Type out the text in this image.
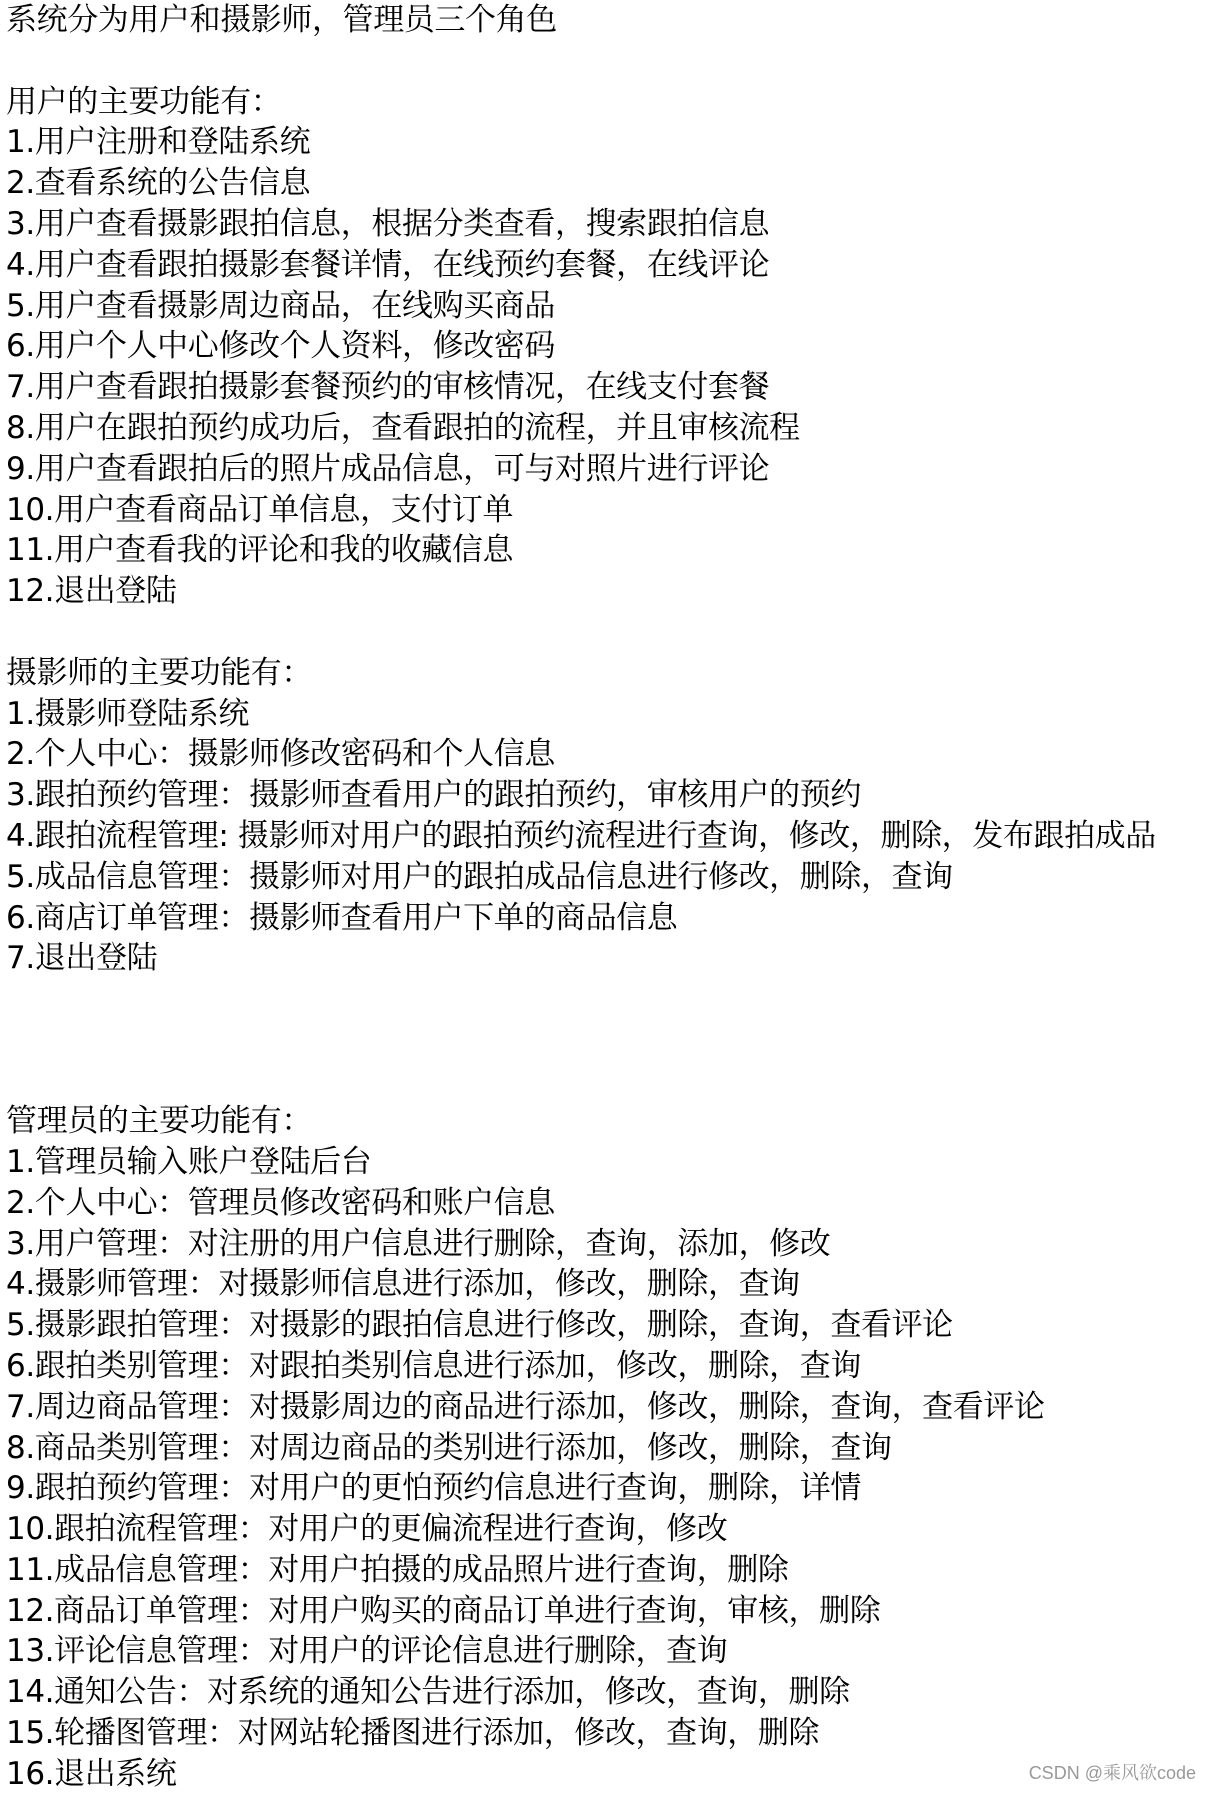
系统分为用户和摄影师，管理员三个角色
用户的主要功能有：
1.用户注册和登陆系统
2.查看系统的公告信息
3.用户查看摄影跟拍信息，根据分类查看，搜索跟拍信息
4.用户查看跟拍摄影套餐详情，在线预约套餐，在线评论
5.用户查看摄影周边商品，在线购买商品
6.用户个人中心修改个人资料，修改密码
7.用户查看跟拍摄影套餐预约的审核情况，在线支付套餐
8.用户在跟拍预约成功后，查看跟拍的流程，并且审核流程
9.用户查看跟拍后的照片成品信息，可与对照片进行评论
10.用户查看商品订单信息，支付订单
11.用户查看我的评论和我的收藏信息
12.退出登陆
摄影师的主要功能有：
1.摄影师登陆系统
2.个人中心：摄影师修改密码和个人信息
3.跟拍预约管理：摄影师查看用户的跟拍预约，审核用户的预约
4.跟拍流程管理: 摄影师对用户的跟拍预约流程进行查询，修改，删除，发布跟拍成品
5.成品信息管理：摄影师对用户的跟拍成品信息进行修改，删除，查询
6.商店订单管理：摄影师查看用户下单的商品信息
7.退出登陆
管理员的主要功能有：
1.管理员输入账户登陆后台
2.个人中心：管理员修改密码和账户信息
3.用户管理：对注册的用户信息进行删除，查询，添加，修改
4.摄影师管理：对摄影师信息进行添加，修改，删除，查询
5.摄影跟拍管理：对摄影的跟拍信息进行修改，删除，查询，查看评论
6.跟拍类别管理：对跟拍类别信息进行添加，修改，删除，查询
7.周边商品管理：对摄影周边的商品进行添加，修改，删除，查询，查看评论
8.商品类别管理：对周边商品的类别进行添加，修改，删除，查询
9.跟拍预约管理：对用户的更怕预约信息进行查询，删除，详情
10.跟拍流程管理：对用户的更偏流程进行查询，修改
11.成品信息管理：对用户拍摄的成品照片进行查询，删除
12.商品订单管理：对用户购买的商品订单进行查询，审核，删除
13.评论信息管理：对用户的评论信息进行删除，查询
14.通知公告：对系统的通知公告进行添加，修改，查询，删除
15.轮播图管理：对网站轮播图进行添加，修改，查询，删除
16.退出系统	CSDN @乘风欲code
